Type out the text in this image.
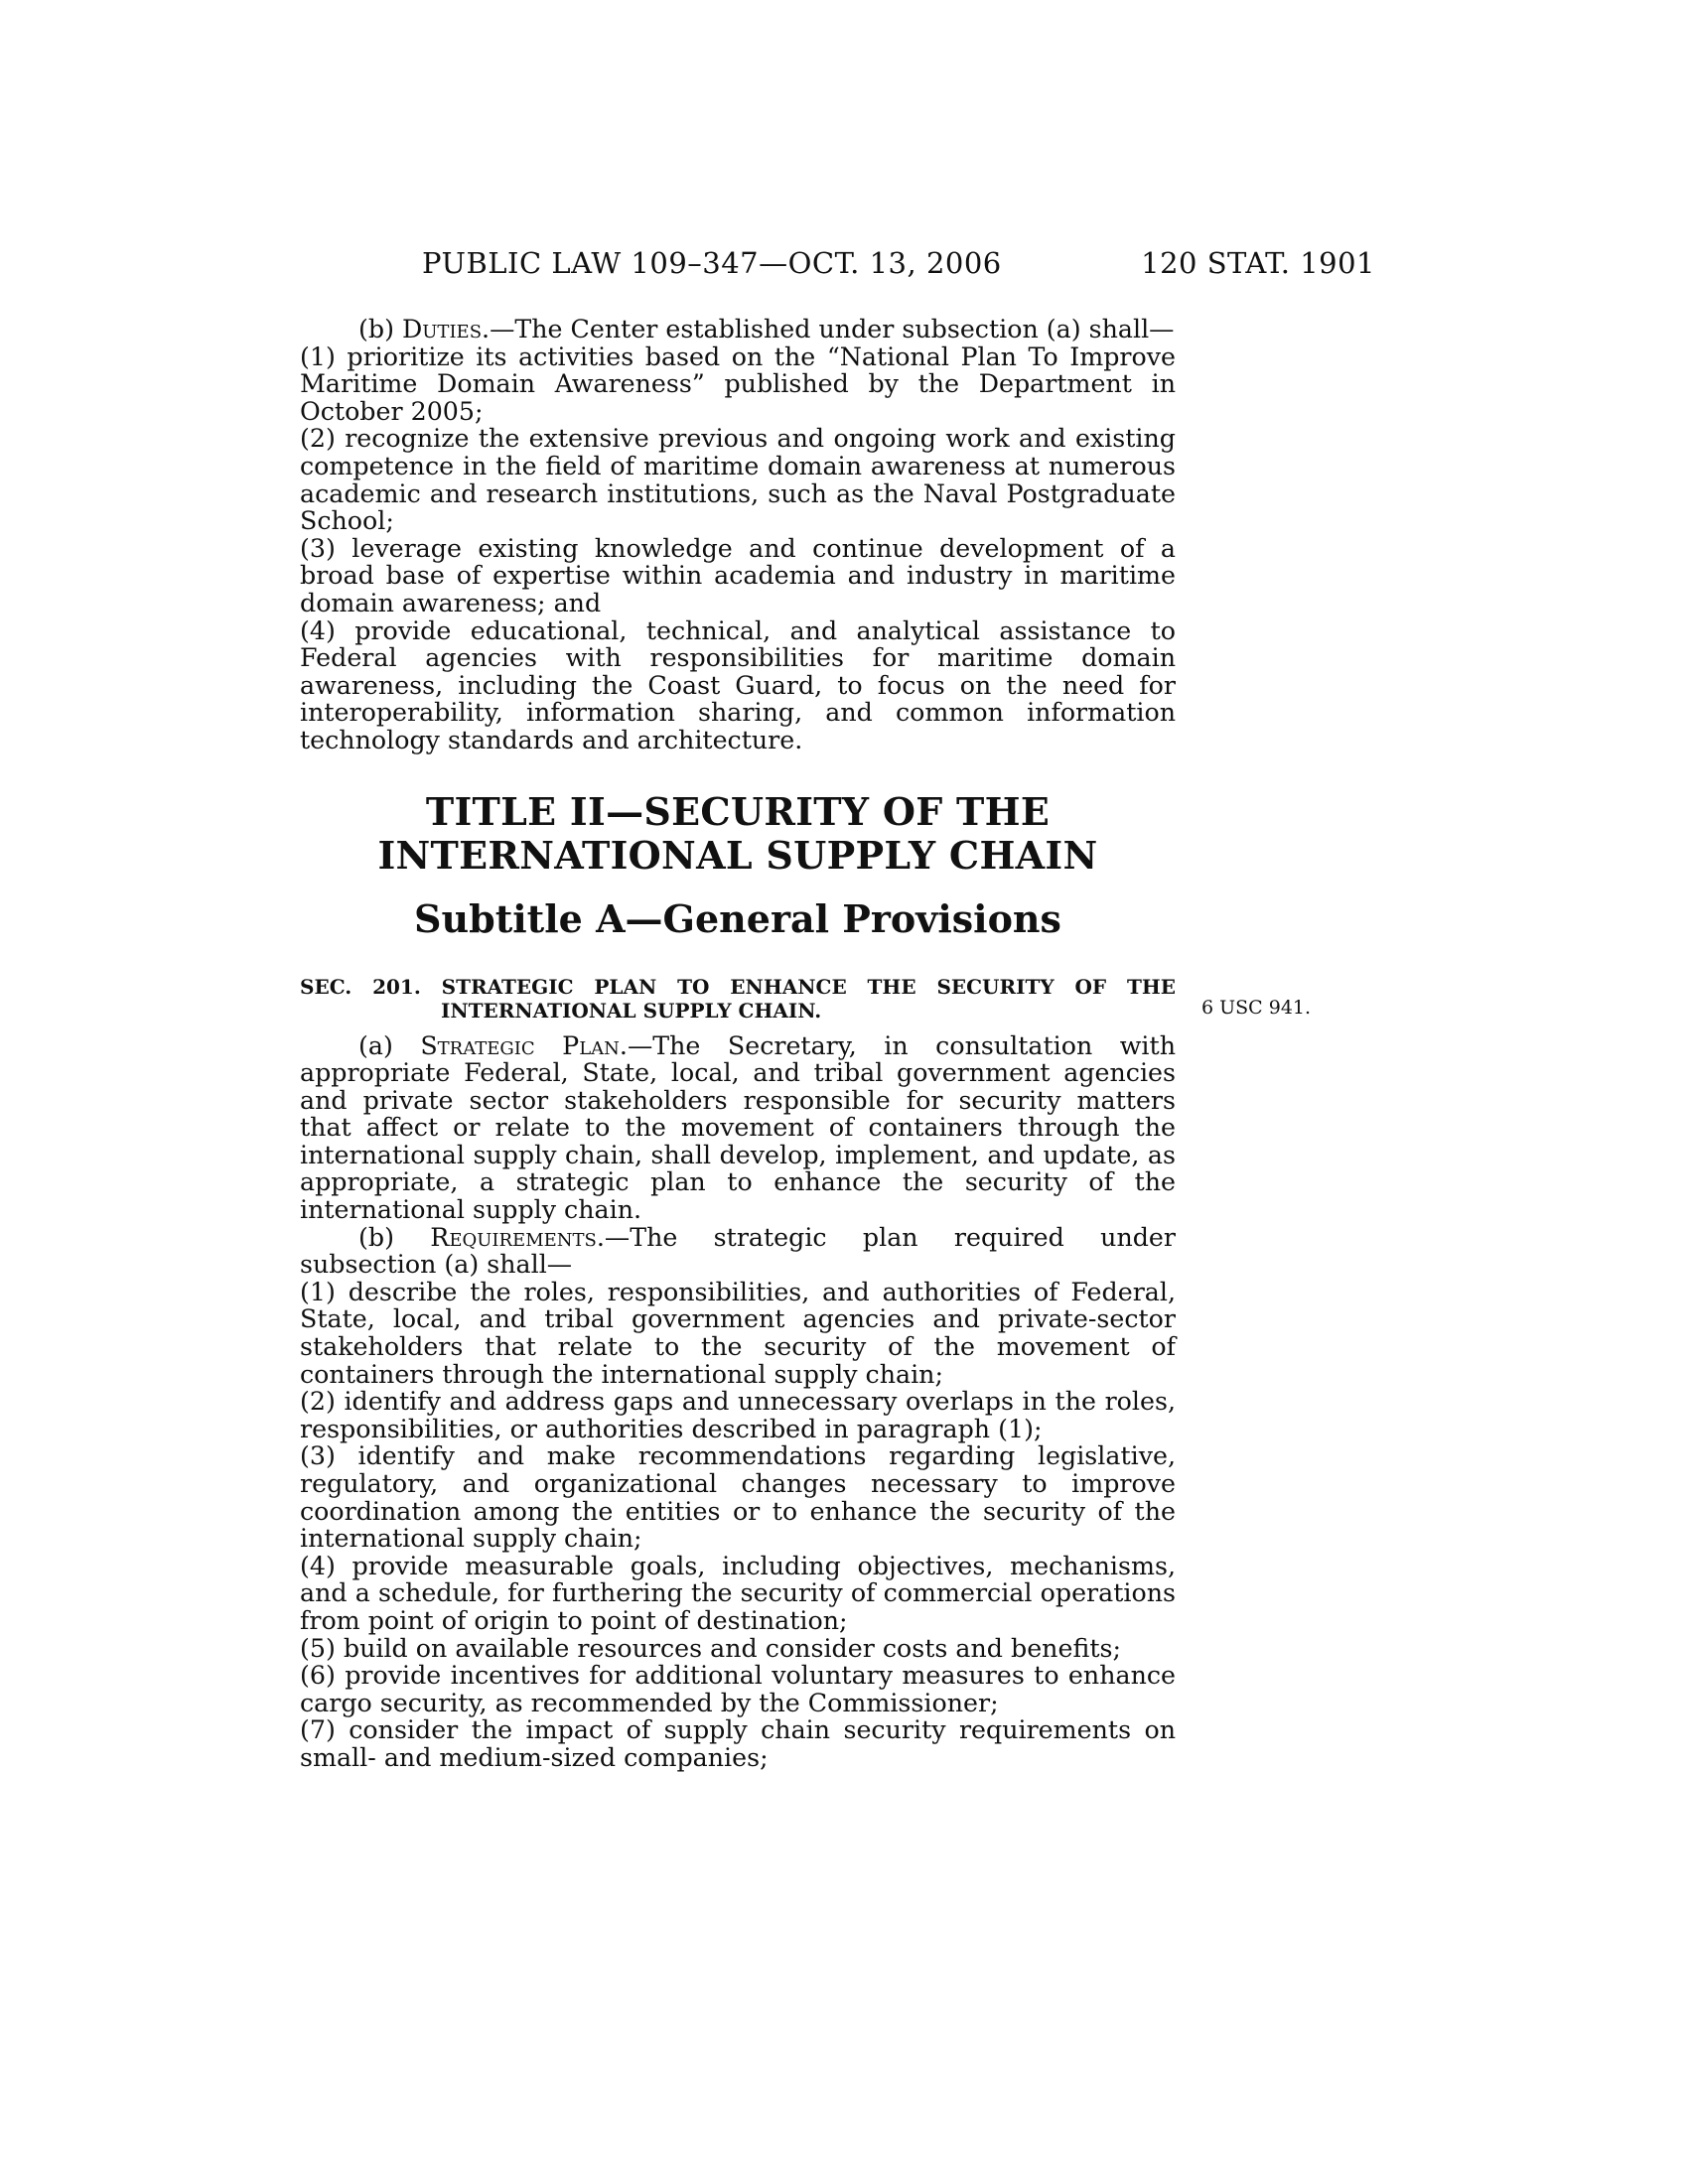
PUBLIC LAW 109–347—OCT. 13, 2006	120 STAT. 1901
6 USC 941.

(b) Duties.—The Center established under subsection (a) shall—

(1) prioritize its activities based on the “National Plan To Improve Maritime Domain Awareness” published by the Department in October 2005;

(2) recognize the extensive previous and ongoing work and existing competence in the field of maritime domain awareness at numerous academic and research institutions, such as the Naval Postgraduate School;

(3) leverage existing knowledge and continue development of a broad base of expertise within academia and industry in maritime domain awareness; and

(4) provide educational, technical, and analytical assistance to Federal agencies with responsibilities for maritime domain awareness, including the Coast Guard, to focus on the need for interoperability, information sharing, and common information technology standards and architecture.

TITLE II—SECURITY OF THE
INTERNATIONAL SUPPLY CHAIN
Subtitle A—General Provisions
SEC. 201. STRATEGIC PLAN TO ENHANCE THE SECURITY OF THE
INTERNATIONAL SUPPLY CHAIN.

(a) Strategic Plan.—The Secretary, in consultation with appropriate Federal, State, local, and tribal government agencies and private sector stakeholders responsible for security matters that affect or relate to the movement of containers through the international supply chain, shall develop, implement, and update, as appropriate, a strategic plan to enhance the security of the international supply chain.

(b) Requirements.—The strategic plan required under subsection (a) shall—

(1) describe the roles, responsibilities, and authorities of Federal, State, local, and tribal government agencies and private-sector stakeholders that relate to the security of the movement of containers through the international supply chain;

(2) identify and address gaps and unnecessary overlaps in the roles, responsibilities, or authorities described in paragraph (1);

(3) identify and make recommendations regarding legislative, regulatory, and organizational changes necessary to improve coordination among the entities or to enhance the security of the international supply chain;

(4) provide measurable goals, including objectives, mechanisms, and a schedule, for furthering the security of commercial operations from point of origin to point of destination;

(5) build on available resources and consider costs and benefits;

(6) provide incentives for additional voluntary measures to enhance cargo security, as recommended by the Commissioner;

(7) consider the impact of supply chain security requirements on small- and medium-sized companies;
